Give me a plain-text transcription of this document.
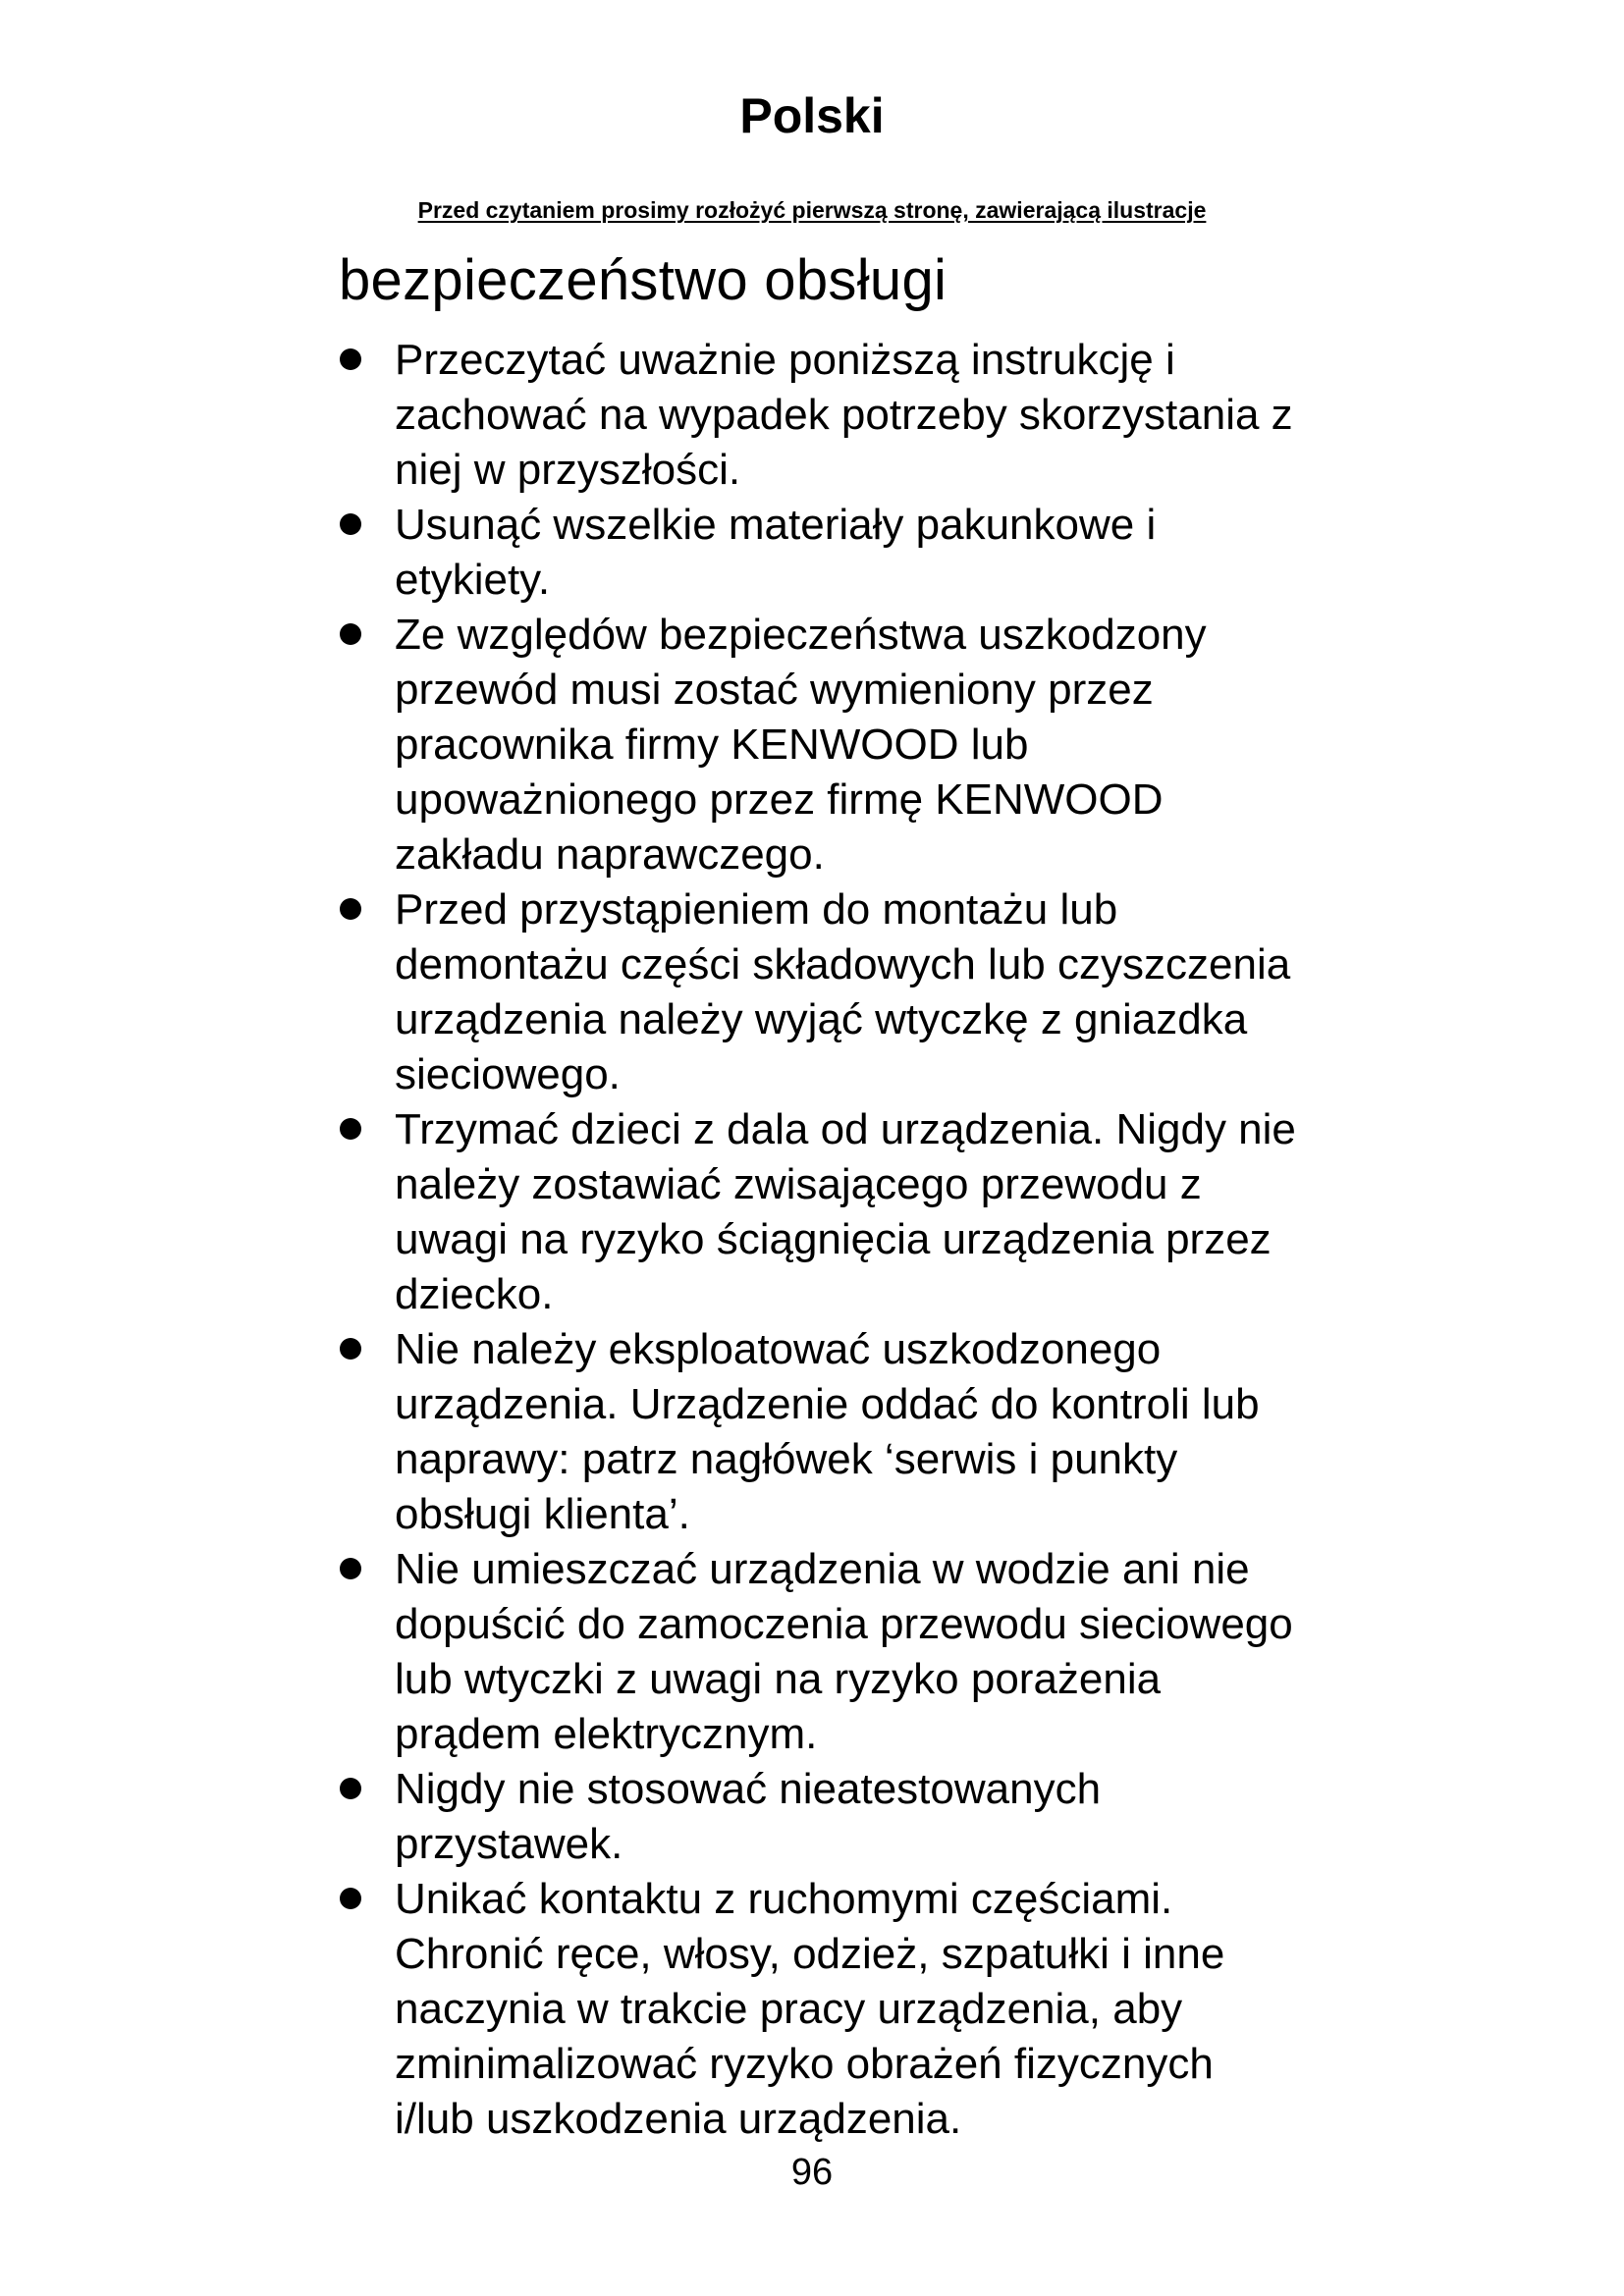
Polski
Przed czytaniem prosimy rozłożyć pierwszą stronę, zawierającą ilustracje
bezpieczeństwo obsługi
Przeczytać uważnie poniższą instrukcję i zachować na wypadek potrzeby skorzystania z niej w przyszłości.
Usunąć wszelkie materiały pakunkowe i etykiety.
Ze względów bezpieczeństwa uszkodzony przewód musi zostać wymieniony przez pracownika firmy KENWOOD lub upoważnionego przez firmę KENWOOD zakładu naprawczego.
Przed przystąpieniem do montażu lub demontażu części składowych lub czyszczenia urządzenia należy wyjąć wtyczkę z gniazdka sieciowego.
Trzymać dzieci z dala od urządzenia. Nigdy nie należy zostawiać zwisającego przewodu z uwagi na ryzyko ściągnięcia urządzenia przez dziecko.
Nie należy eksploatować uszkodzonego urządzenia. Urządzenie oddać do kontroli lub naprawy: patrz nagłówek ‘serwis i punkty obsługi klienta’.
Nie umieszczać urządzenia w wodzie ani nie dopuścić do zamoczenia przewodu sieciowego lub wtyczki z uwagi na ryzyko porażenia prądem elektrycznym.
Nigdy nie stosować nieatestowanych przystawek.
Unikać kontaktu z ruchomymi częściami. Chronić ręce, włosy, odzież, szpatułki i inne naczynia w trakcie pracy urządzenia, aby zminimalizować ryzyko obrażeń fizycznych i/lub uszkodzenia urządzenia.
96
